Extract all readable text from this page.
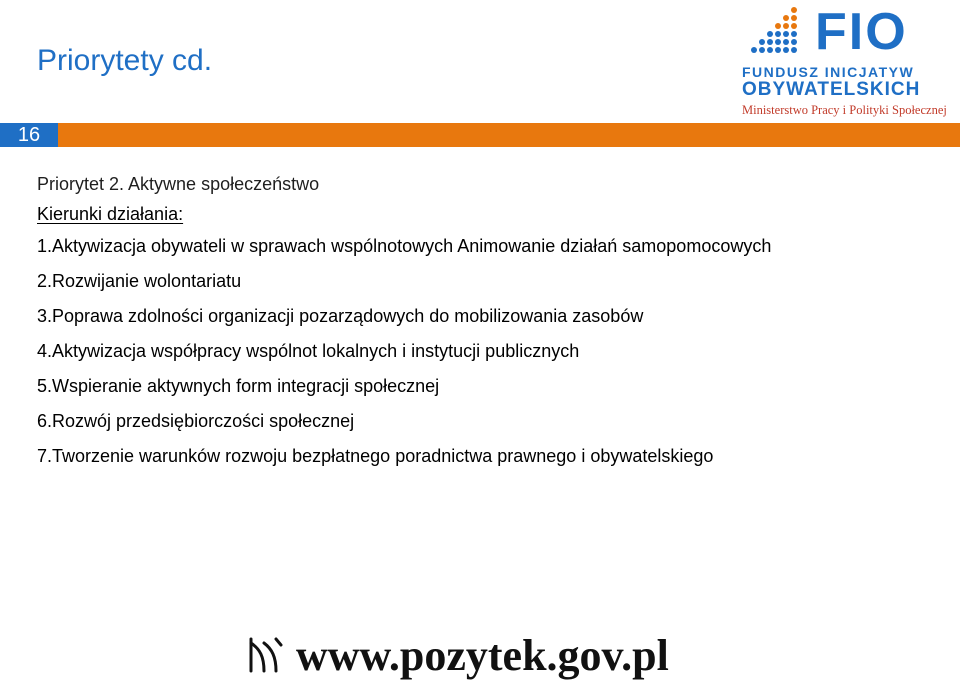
Priorytety cd.	FIO
FUNDUSZ INICJATYW
OBYWATELSKICH
Ministerstwo Pracy i Polityki Społecznej
16

Priorytet 2. Aktywne społeczeństwo

Kierunki działania:

1.Aktywizacja obywateli w sprawach wspólnotowych Animowanie działań samopomocowych
2.Rozwijanie wolontariatu
3.Poprawa zdolności organizacji pozarządowych do mobilizowania zasobów
4.Aktywizacja współpracy wspólnot lokalnych i instytucji publicznych
5.Wspieranie aktywnych form integracji społecznej
6.Rozwój przedsiębiorczości społecznej
7.Tworzenie warunków rozwoju bezpłatnego poradnictwa prawnego i obywatelskiego
www.pozytek.gov.pl
